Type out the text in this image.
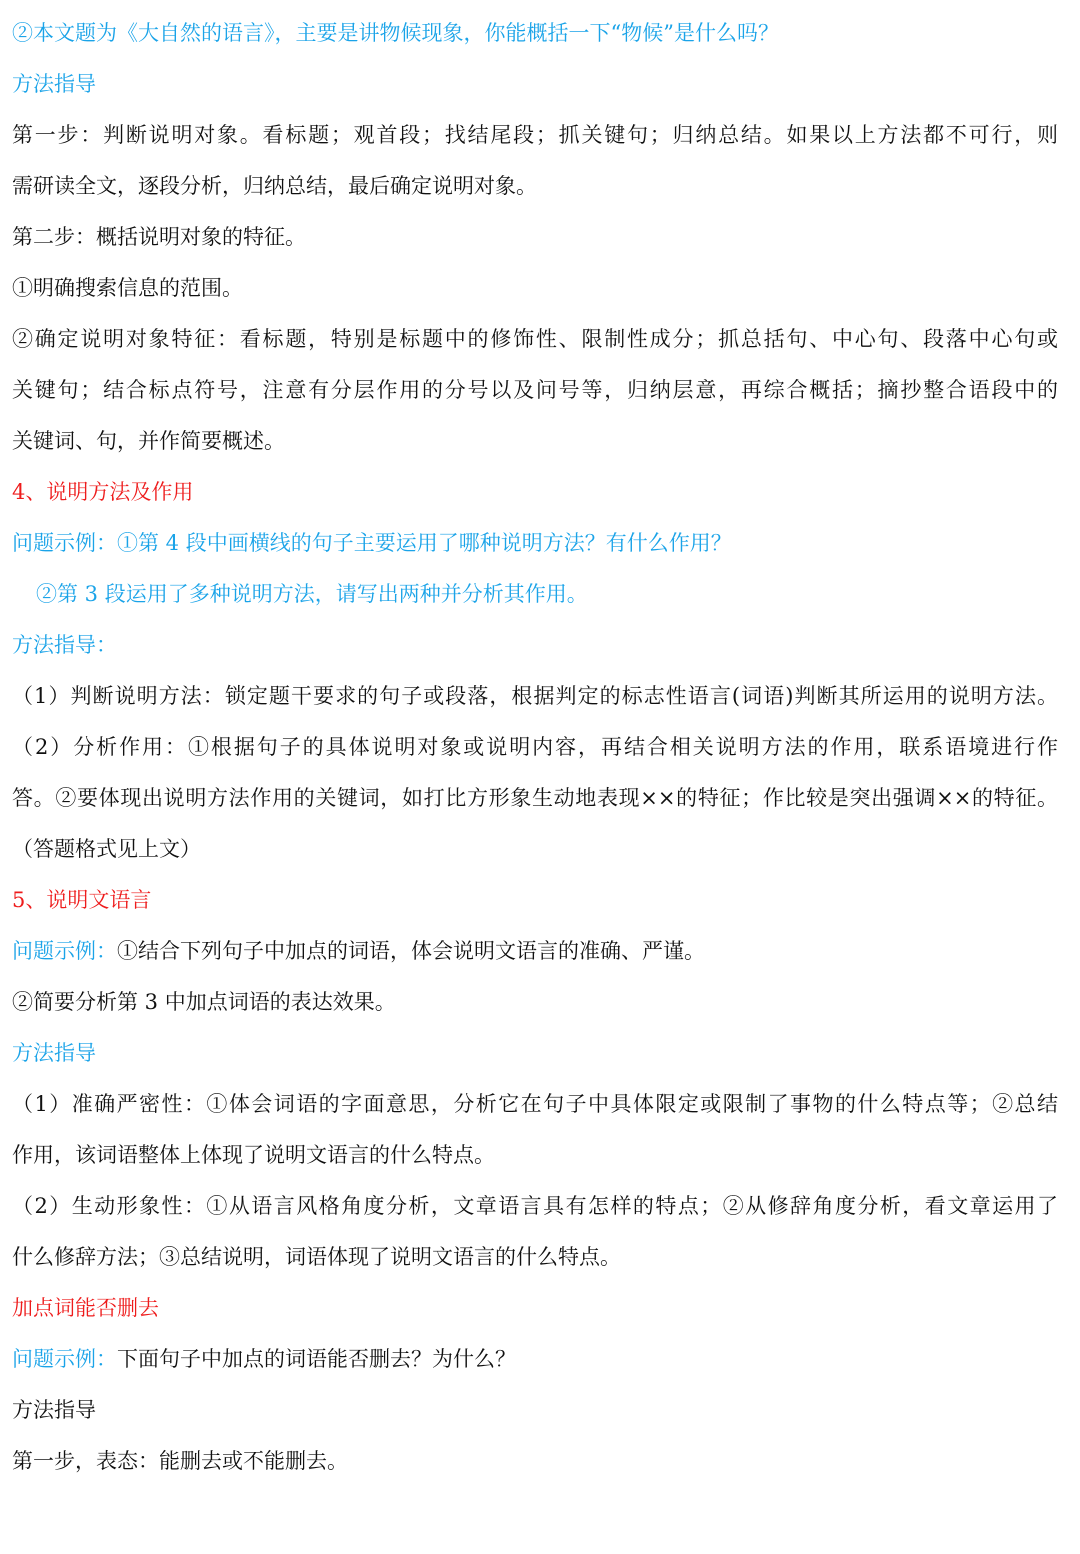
②本文题为《大自然的语言》，主要是讲物候现象，你能概括一下“物候”是什么吗？
方法指导
第一步：判断说明对象。看标题；观首段；找结尾段；抓关键句；归纳总结。如果以上方法都不可行，则
需研读全文，逐段分析，归纳总结，最后确定说明对象。
第二步：概括说明对象的特征。
①明确搜索信息的范围。
②确定说明对象特征：看标题，特别是标题中的修饰性、限制性成分；抓总括句、中心句、段落中心句或
关键句；结合标点符号，注意有分层作用的分号以及问号等，归纳层意，再综合概括；摘抄整合语段中的
关键词、句，并作简要概述。
4、说明方法及作用
问题示例：①第 4 段中画横线的句子主要运用了哪种说明方法？有什么作用？
②第 3 段运用了多种说明方法，请写出两种并分析其作用。
方法指导：
（1）判断说明方法：锁定题干要求的句子或段落，根据判定的标志性语言(词语)判断其所运用的说明方法。
（2）分析作用：①根据句子的具体说明对象或说明内容，再结合相关说明方法的作用，联系语境进行作
答。②要体现出说明方法作用的关键词，如打比方形象生动地表现××的特征；作比较是突出强调××的特征。
（答题格式见上文）
5、说明文语言
问题示例：①结合下列句子中加点的词语，体会说明文语言的准确、严谨。
②简要分析第 3 中加点词语的表达效果。
方法指导
（1）准确严密性：①体会词语的字面意思，分析它在句子中具体限定或限制了事物的什么特点等；②总结
作用，该词语整体上体现了说明文语言的什么特点。
（2）生动形象性：①从语言风格角度分析，文章语言具有怎样的特点；②从修辞角度分析，看文章运用了
什么修辞方法；③总结说明，词语体现了说明文语言的什么特点。
加点词能否删去
问题示例：下面句子中加点的词语能否删去？为什么？
方法指导
第一步，表态：能删去或不能删去。
